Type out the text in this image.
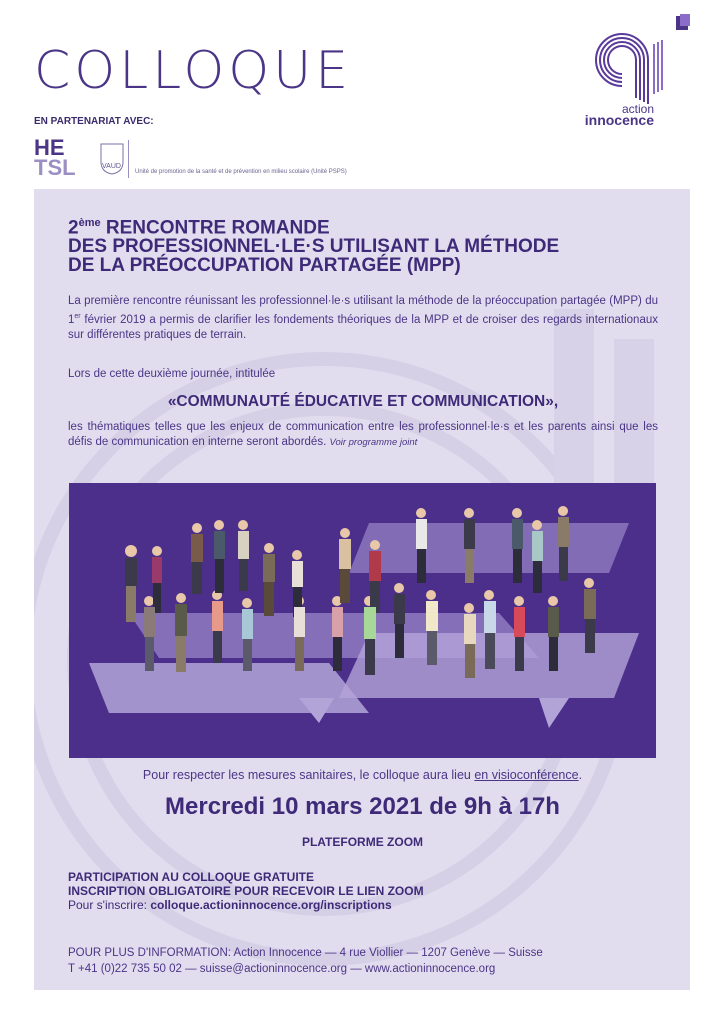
COLLOQUE
EN PARTENARIAT AVEC:
HE
TSL	VAUD
Unité de promotion de la santé et de prévention en milieu scolaire (Unité PSPS)
action
innocence
2ème RENCONTRE ROMANDE
DES PROFESSIONNEL·LE·S UTILISANT LA MÉTHODE
DE LA PRÉOCCUPATION PARTAGÉE (MPP)
La première rencontre réunissant les professionnel·le·s utilisant la méthode de la préoccupation partagée (MPP) du 1er février 2019 a permis de clarifier les fondements théoriques de la MPP et de croiser des regards internationaux sur différentes pratiques de terrain.
Lors de cette deuxième journée, intitulée
«COMMUNAUTÉ ÉDUCATIVE ET COMMUNICATION»,
les thématiques telles que les enjeux de communication entre les professionnel·le·s et les parents ainsi que les défis de communication en interne seront abordés. Voir programme joint
Pour respecter les mesures sanitaires, le colloque aura lieu en visioconférence.
Mercredi 10 mars 2021 de 9h à 17h
PLATEFORME ZOOM
PARTICIPATION AU COLLOQUE GRATUITE
INSCRIPTION OBLIGATOIRE POUR RECEVOIR LE LIEN ZOOM
Pour s'inscrire: colloque.actioninnocence.org/inscriptions
POUR PLUS D'INFORMATION: Action Innocence — 4 rue Viollier — 1207 Genève — Suisse
T +41 (0)22 735 50 02 — suisse@actioninnocence.org — www.actioninnocence.org
